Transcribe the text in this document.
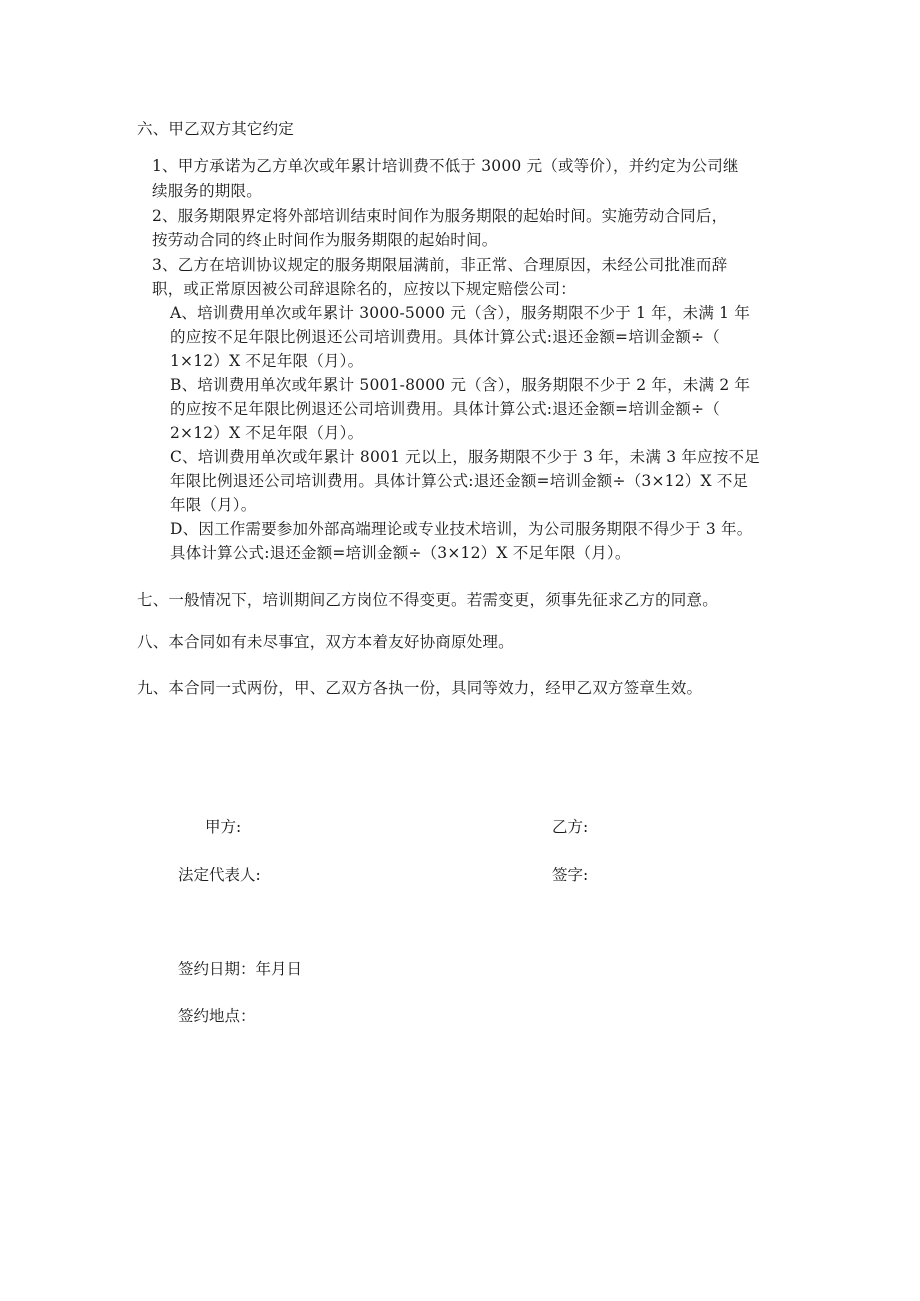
六、甲乙双方其它约定
1、甲方承诺为乙方单次或年累计培训费不低于 3000 元（或等价），并约定为公司继
续服务的期限。
2、服务期限界定将外部培训结束时间作为服务期限的起始时间。实施劳动合同后，
按劳动合同的终止时间作为服务期限的起始时间。
3、乙方在培训协议规定的服务期限届满前，非正常、合理原因，未经公司批准而辞
职，或正常原因被公司辞退除名的，应按以下规定赔偿公司：
A、培训费用单次或年累计 3000-5000 元（含），服务期限不少于 1 年，未满 1 年
的应按不足年限比例退还公司培训费用。具体计算公式:退还金额=培训金额÷（
1×12）X 不足年限（月）。
B、培训费用单次或年累计 5001-8000 元（含），服务期限不少于 2 年，未满 2 年
的应按不足年限比例退还公司培训费用。具体计算公式:退还金额=培训金额÷（
2×12）X 不足年限（月）。
C、培训费用单次或年累计 8001 元以上，服务期限不少于 3 年，未满 3 年应按不足
年限比例退还公司培训费用。具体计算公式:退还金额=培训金额÷（3×12）X 不足
年限（月）。
D、因工作需要参加外部高端理论或专业技术培训，为公司服务期限不得少于 3 年。
具体计算公式:退还金额=培训金额÷（3×12）X 不足年限（月）。
七、一般情况下，培训期间乙方岗位不得变更。若需变更，须事先征求乙方的同意。
八、本合同如有未尽事宜，双方本着友好协商原处理。
九、本合同一式两份，甲、乙双方各执一份，具同等效力，经甲乙双方签章生效。
甲方:	乙方:
法定代表人:	签字:
签约日期：年月日
签约地点：
